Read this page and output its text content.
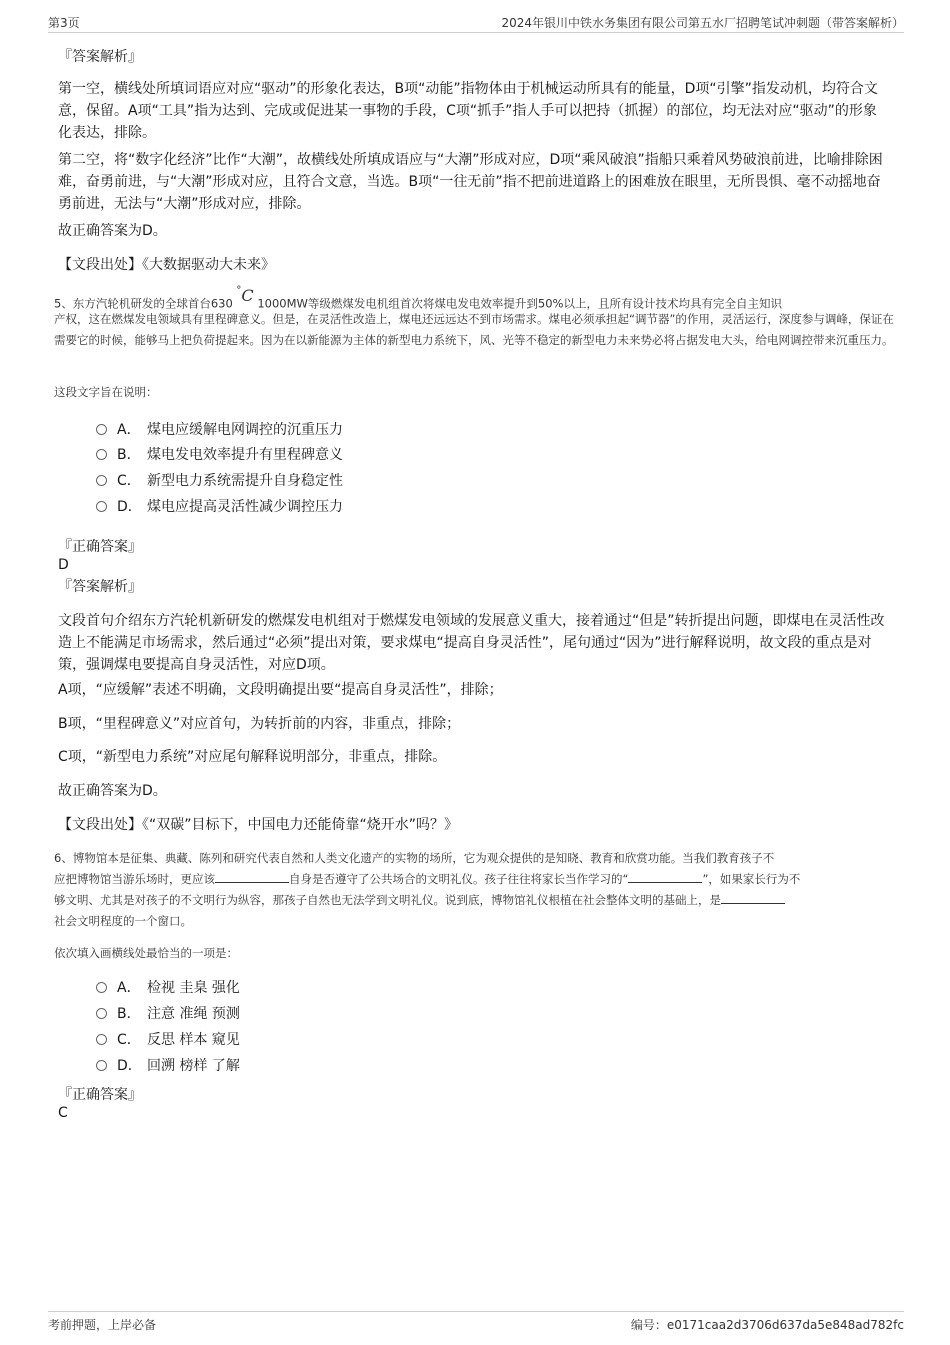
第3页	2024年银川中铁水务集团有限公司第五水厂招聘笔试冲刺题（带答案解析）
『答案解析』
第一空，横线处所填词语应对应“驱动”的形象化表达，B项“动能”指物体由于机械运动所具有的能量，D项“引擎”指发动机，均符合文意，保留。A项“工具”指为达到、完成或促进某一事物的手段，C项“抓手”指人手可以把持（抓握）的部位，均无法对应“驱动”的形象化表达，排除。
第二空，将“数字化经济”比作“大潮”，故横线处所填成语应与“大潮”形成对应，D项“乘风破浪”指船只乘着风势破浪前进，比喻排除困难，奋勇前进，与“大潮”形成对应，且符合文意，当选。B项“一往无前”指不把前进道路上的困难放在眼里，无所畏惧、毫不动摇地奋勇前进，无法与“大潮”形成对应，排除。
故正确答案为D。
【文段出处】《大数据驱动大未来》
5、东方汽轮机研发的全球首台630 °C 1000MW等级燃煤发电机组首次将煤电发电效率提升到50%以上，且所有设计技术均具有完全自主知识
产权，这在燃煤发电领域具有里程碑意义。但是，在灵活性改造上，煤电还远远达不到市场需求。煤电必须承担起“调节器”的作用，灵活运行，深度参与调峰，保证在需要它的时候，能够马上把负荷提起来。因为在以新能源为主体的新型电力系统下，风、光等不稳定的新型电力未来势必将占据发电大头，给电网调控带来沉重压力。
这段文字旨在说明：
A． 煤电应缓解电网调控的沉重压力
B． 煤电发电效率提升有里程碑意义
C． 新型电力系统需提升自身稳定性
D． 煤电应提高灵活性减少调控压力
『正确答案』
D
『答案解析』
文段首句介绍东方汽轮机新研发的燃煤发电机组对于燃煤发电领域的发展意义重大，接着通过“但是”转折提出问题，即煤电在灵活性改造上不能满足市场需求，然后通过“必须”提出对策，要求煤电“提高自身灵活性”，尾句通过“因为”进行解释说明，故文段的重点是对策，强调煤电要提高自身灵活性，对应D项。
A项，“应缓解”表述不明确，文段明确提出要“提高自身灵活性”，排除；
B项，“里程碑意义”对应首句，为转折前的内容，非重点，排除；
C项，“新型电力系统”对应尾句解释说明部分，非重点，排除。
故正确答案为D。
【文段出处】《“双碳”目标下，中国电力还能倚靠“烧开水”吗？》
6、博物馆本是征集、典藏、陈列和研究代表自然和人类文化遗产的实物的场所，它为观众提供的是知晓、教育和欣赏功能。当我们教育孩子不
应把博物馆当游乐场时，更应该	自身是否遵守了公共场合的文明礼仪。孩子往往将家长当作学习的“	”，如果家长行为不
够文明、尤其是对孩子的不文明行为纵容，那孩子自然也无法学到文明礼仪。说到底，博物馆礼仪根植在社会整体文明的基础上，是
社会文明程度的一个窗口。
依次填入画横线处最恰当的一项是：
A． 检视 圭臬 强化
B． 注意 准绳 预测
C． 反思 样本 窥见
D． 回溯 榜样 了解
『正确答案』
C
考前押题，上岸必备	编号：e0171caa2d3706d637da5e848ad782fc
